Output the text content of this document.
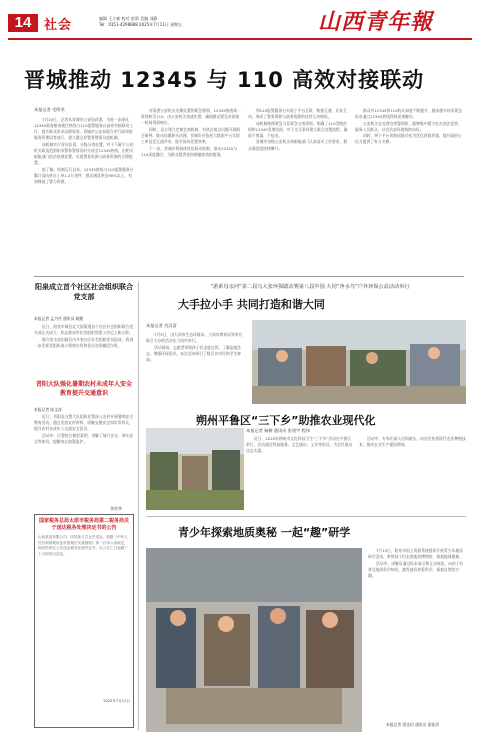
14 社会	编辑 王立新 校对 彭莉 美编 刘静
Tel：0351-4298888 2025年7月11日 星期五	山西青年報
晋城推动 12345 与 110 高效对接联动
本报记者 毛明翠

7月10日，记者从晋城市公安局获悉，为进一步深化12345政务服务便民热线与110报警服务台高效对接联动工作，提升群众诉求办理质效，晋城市公安局联合市行政审批服务管理局等部门，建立健全非警务警情分流机制。

该机制实行首问负责、分级分类处置，对于不属于公安机关职责范围的非警务警情及时分流至12345热线，由相关职能部门依法依规处置，实现警务资源与政务资源的合理配置。

据了解，机制运行以来，12345热线与110报警服务台累计双向转办工单1.2万余件，群众满意率达98%以上，有效释放了警力资源。

对需要公安机关先期处置的紧急警情，12345热线第一时间转至110，由公安机关快速出警，确保群众紧急求助第一时间得到响应。

同时，双方建立定期会商机制，对热点难点问题开展联合研判，推动问题源头治理。晋城市还依托大数据平台实现工单信息互通共享，提升协同处置效率。

下一步，晋城市将持续优化联动机制，推动12345与110深度融合，为群众提供更加便捷高效的服务。

和110报警服务台实现了平台互联、数据互通、业务互动，形成了警务资源与政务资源的良性互动格局。

该机制按照紧急与非紧急分类原则，明确了110受理范围和12345受理范围，对于交叉事项建立联合处置流程，确保不推诿、不扯皮。

晋城市各级公安机关和职能部门认真落实工作要求，群众满意度持续攀升。

群众对12345和110的认知度不断提升，越来越多的非紧急诉求通过12345热线得到妥善解决。

公安机关在处理各类警情时，能够集中精力打击违法犯罪、服务人民群众，社会治安环境持续向好。

同时，两个平台的协同联动也为优化营商环境、提升政府公信力提供了有力支撑。

阳泉成立首个社区社会组织联合党支部
本报记者 孟丹丹 通讯员 姚健

近日，阳泉市城区北大街街道首个社区社会组织联合党支部正式成立，标志着该市社会组织党建工作迈上新台阶。

联合党支部由辖区内多家社区社会组织党员组成，将进一步发挥党组织战斗堡垒作用和党员先锋模范作用。

昔阳大队强化暑期农村未成年人安全教育提升交通意识
本报记者 陈文涛

近日，昔阳县交警大队组织民警深入农村开展暑期安全教育活动，通过发放宣传资料、讲解交通安全知识等形式，提升农村未成年人交通安全意识。

活动中，民警结合典型案例，讲解了骑行安全、乘车安全等知识，提醒家长加强监护。

李彦华
国家税务总局太原市税务局第二税务局关于送达税务处理决定书的公告
山西某某有限公司：因其他方式无法送达，根据《中华人民共和国税收征收管理法实施细则》第一百零六条规定，现向你单位公告送达税务处理决定书，自公告之日起满三十日即视为送达。
2025年7月11日
“游系母亲河”第二届乌大张环探跋动赛第八届中国·大同“净水鸟”户外环保公益活动举行
大手拉小手 共同打造和谐大同
本报记者 肖汉富

7月5日，由大同市生态环境局、大同市教育局等单位联合主办的活动在大同市举行。

活动现场，志愿者带领孩子们走进自然，了解湿地生态，增强环保意识。本次活动吸引了数百名市民和学生参加。

朔州平鲁区“三下乡”助推农业现代化
本报记者 杨柳 通讯员 张建宇 程伟

近日，2025年朔州市文化科技卫生“三下乡”活动在平鲁区举行，活动通过科技服务、文艺演出、义诊等形式，为农民群众送去实惠。

活动中，专家们深入田间地头，向农民传授现代农业种植技术，推动农业生产提质增效。

青少年探索地质奥秘 一起“趣”研学

7月10日，阳泉市国土资源系统组织开展青少年地质研学活动，带领孩子们走进地质博物馆，探索地球奥秘。

活动中，讲解员通过标本展示和互动体验，向孩子们普及地质科学知识，激发他们热爱科学、探索自然的兴趣。

本报记者 梁佳玥 通讯员 梁佳玥
